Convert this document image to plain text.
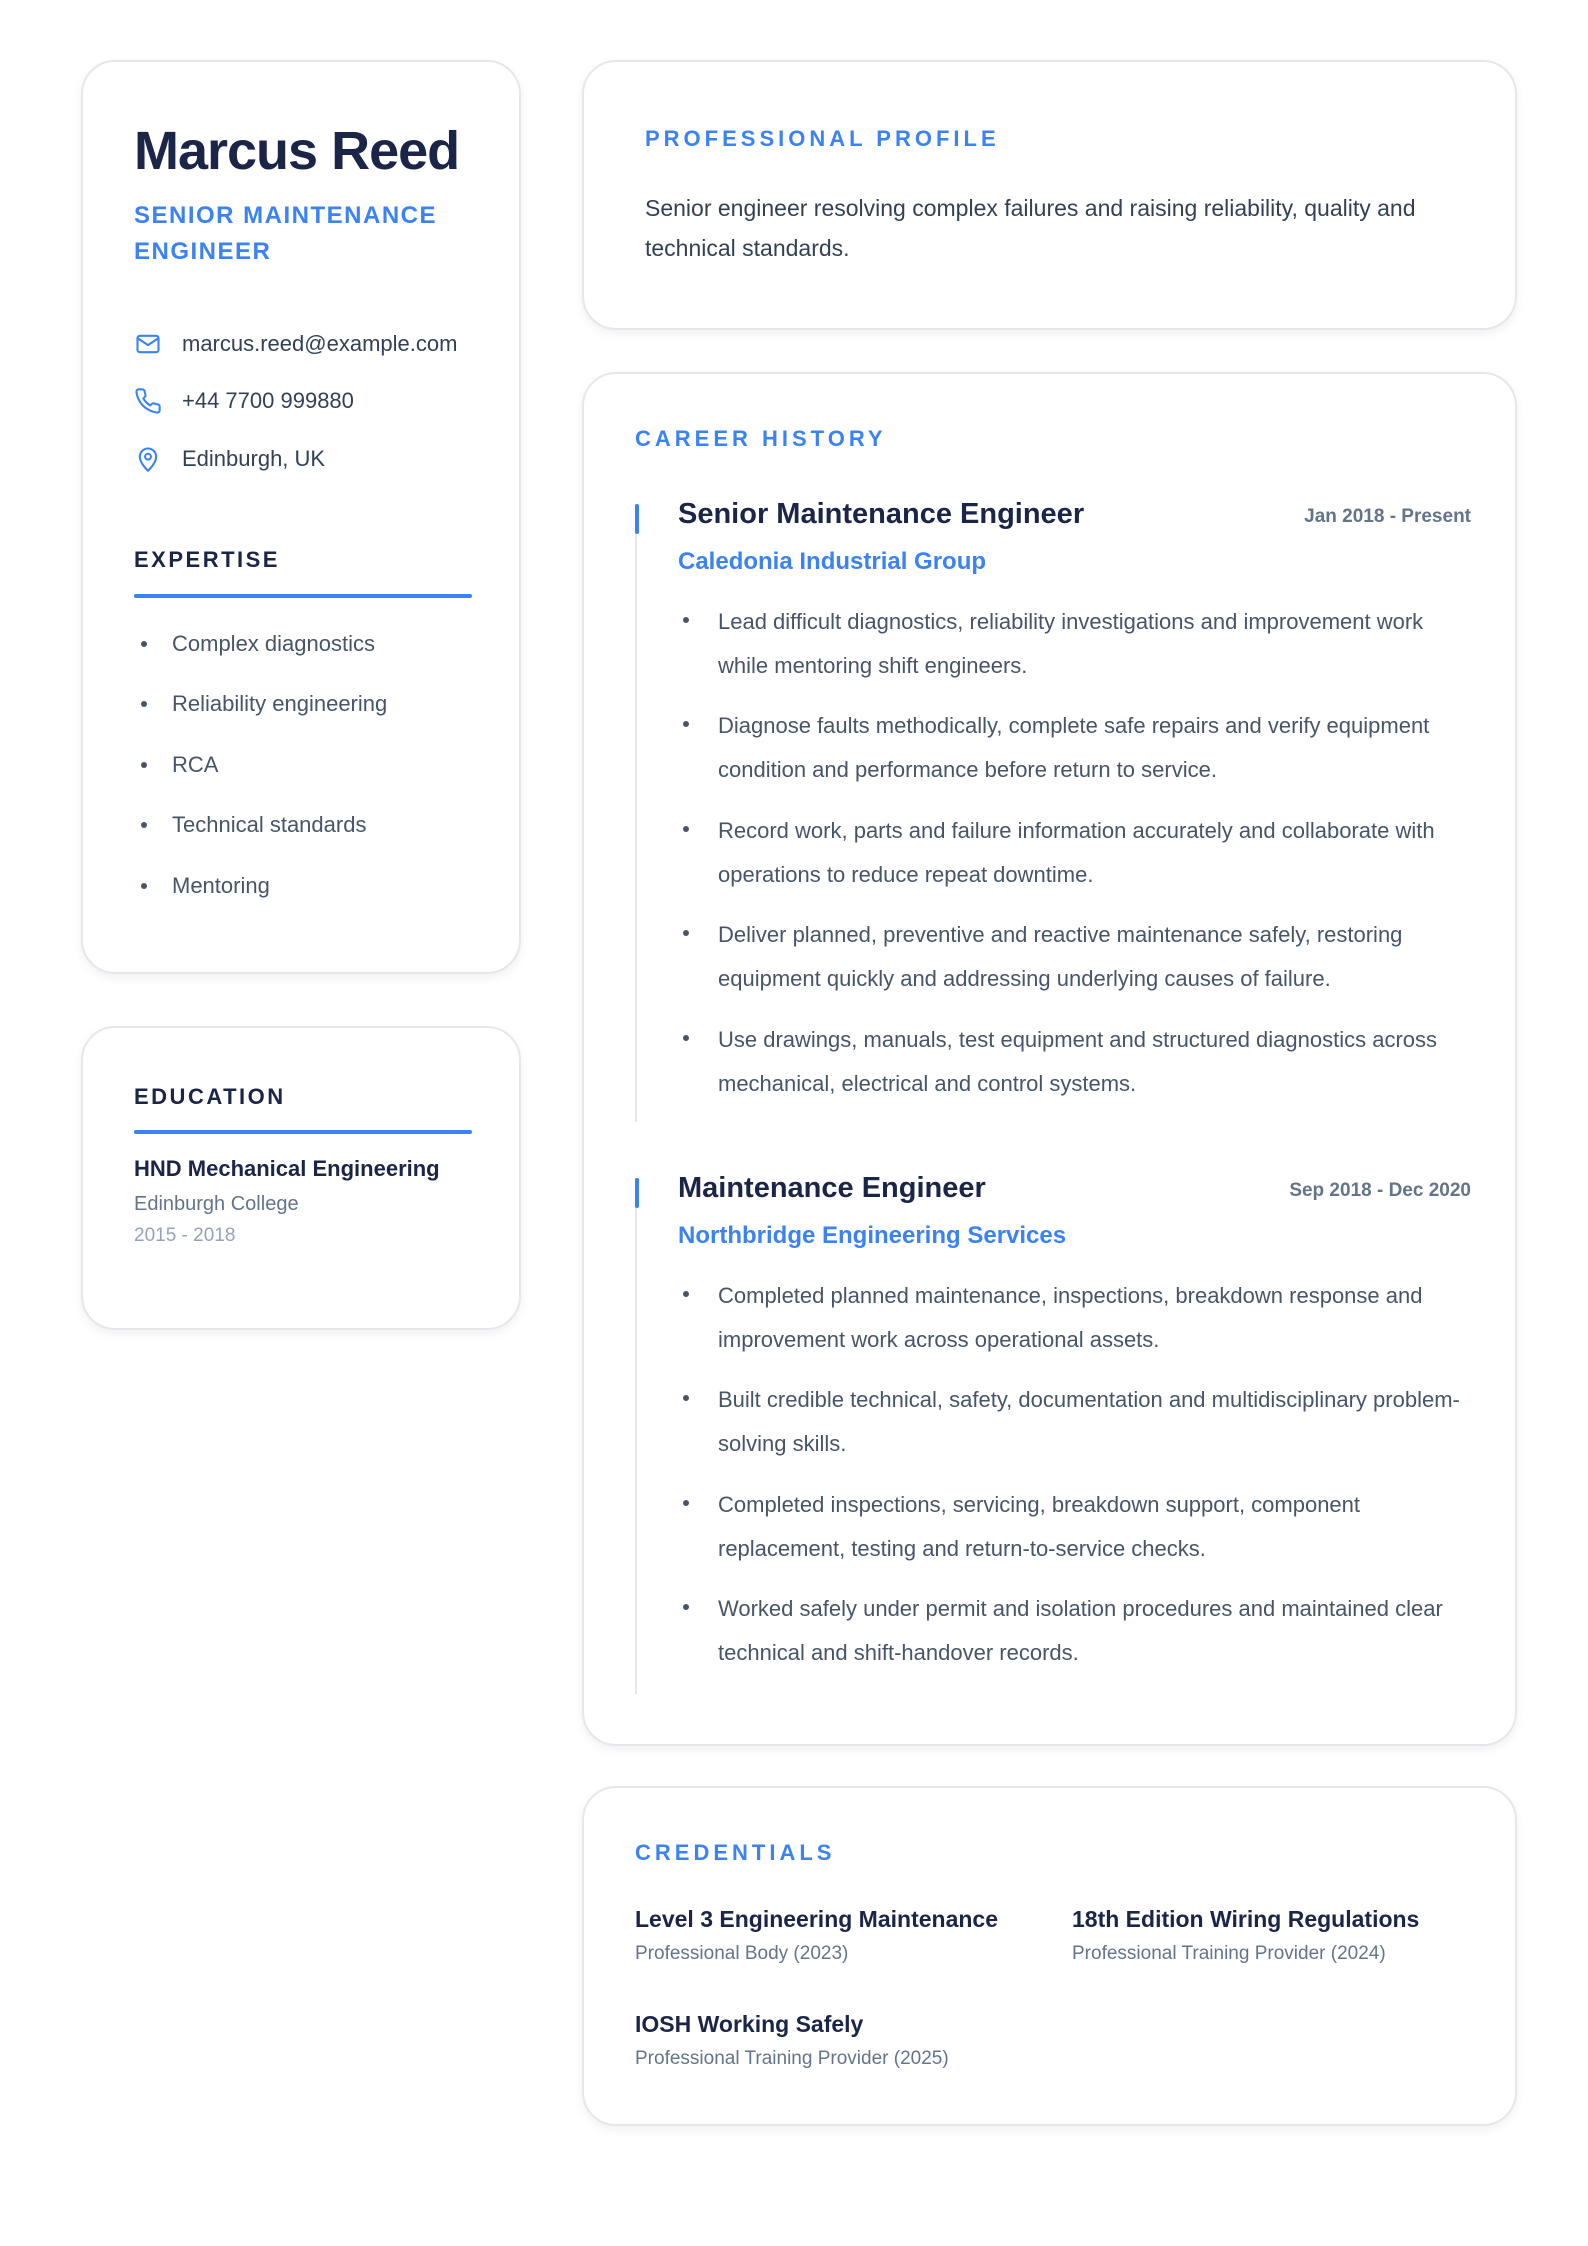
Marcus Reed
SENIOR MAINTENANCE ENGINEER
marcus.reed@example.com
+44 7700 999880
Edinburgh, UK
EXPERTISE
Complex diagnostics
Reliability engineering
RCA
Technical standards
Mentoring
EDUCATION
HND Mechanical Engineering
Edinburgh College
2015 - 2018
PROFESSIONAL PROFILE
Senior engineer resolving complex failures and raising reliability, quality and technical standards.
CAREER HISTORY
Senior Maintenance Engineer	Jan 2018 - Present
Caledonia Industrial Group
Lead difficult diagnostics, reliability investigations and improvement work while mentoring shift engineers.
Diagnose faults methodically, complete safe repairs and verify equipment condition and performance before return to service.
Record work, parts and failure information accurately and collaborate with operations to reduce repeat downtime.
Deliver planned, preventive and reactive maintenance safely, restoring equipment quickly and addressing underlying causes of failure.
Use drawings, manuals, test equipment and structured diagnostics across mechanical, electrical and control systems.
Maintenance Engineer	Sep 2018 - Dec 2020
Northbridge Engineering Services
Completed planned maintenance, inspections, breakdown response and improvement work across operational assets.
Built credible technical, safety, documentation and multidisciplinary problem-solving skills.
Completed inspections, servicing, breakdown support, component replacement, testing and return-to-service checks.
Worked safely under permit and isolation procedures and maintained clear technical and shift-handover records.
CREDENTIALS
Level 3 Engineering Maintenance
Professional Body (2023)
18th Edition Wiring Regulations
Professional Training Provider (2024)
IOSH Working Safely
Professional Training Provider (2025)
